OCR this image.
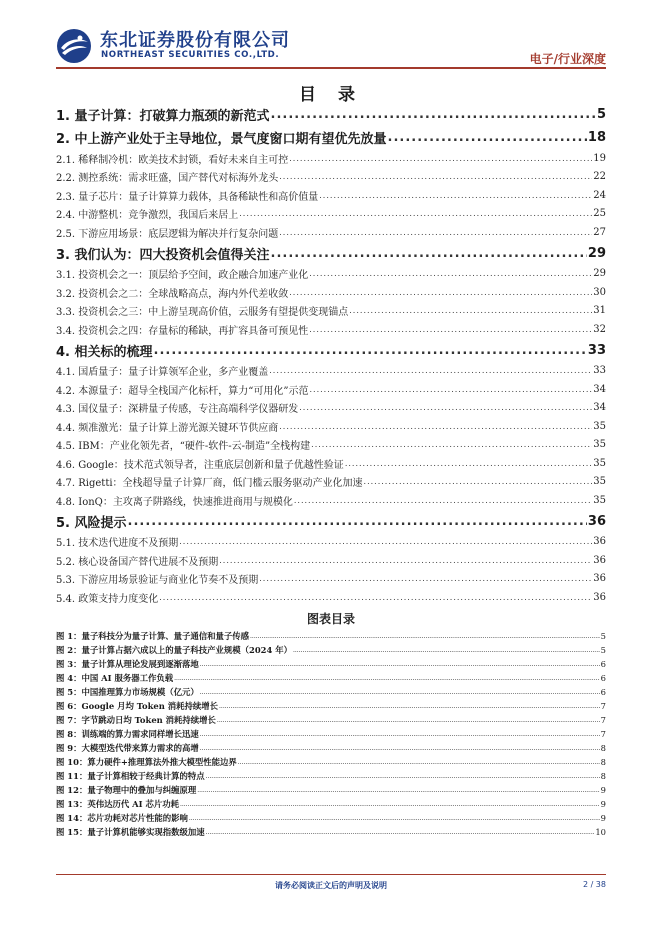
东北证券股份有限公司
NORTHEAST SECURITIES CO.,LTD.	电子/行业深度
目 录
1. 量子计算：打破算力瓶颈的新范式 .....	5
2. 中上游产业处于主导地位，景气度窗口期有望优先放量 .....	18
2.1. 稀释制冷机：欧美技术封锁，看好未来自主可控 .....	19
2.2. 测控系统：需求旺盛，国产替代对标海外龙头 .....	22
2.3. 量子芯片：量子计算算力载体，具备稀缺性和高价值量 .....	24
2.4. 中游整机：竞争激烈，我国后来居上 .....	25
2.5. 下游应用场景：底层逻辑为解决并行复杂问题 .....	27
3. 我们认为：四大投资机会值得关注 .....	29
3.1. 投资机会之一：顶层给予空间，政企融合加速产业化 .....	29
3.2. 投资机会之二：全球战略高点，海内外代差收敛 .....	30
3.3. 投资机会之三：中上游呈现高价值，云服务有望提供变现锚点 .....	31
3.4. 投资机会之四：存量标的稀缺，再扩容具备可预见性 .....	32
4. 相关标的梳理 .....	33
4.1. 国盾量子：量子计算领军企业，多产业覆盖 .....	33
4.2. 本源量子：超导全栈国产化标杆，算力“可用化”示范 .....	34
4.3. 国仪量子：深耕量子传感，专注高端科学仪器研发 .....	34
4.4. 频准激光：量子计算上游光源关键环节供应商 .....	35
4.5. IBM：产业化领先者，“硬件-软件-云-制造”全栈构建 .....	35
4.6. Google：技术范式领导者，注重底层创新和量子优越性验证 .....	35
4.7. Rigetti：全栈超导量子计算厂商，低门槛云服务驱动产业化加速 .....	35
4.8. IonQ：主攻离子阱路线，快速推进商用与规模化 .....	35
5. 风险提示 .....	36
5.1. 技术迭代进度不及预期 .....	36
5.2. 核心设备国产替代进展不及预期 .....	36
5.3. 下游应用场景验证与商业化节奏不及预期 .....	36
5.4. 政策支持力度变化 .....	36
图表目录
图 1：量子科技分为量子计算、量子通信和量子传感 .....	5
图 2：量子计算占据六成以上的量子科技产业规模（2024 年） .....	5
图 3：量子计算从理论发展到逐渐落地 .....	6
图 4：中国 AI 服务器工作负载 .....	6
图 5：中国推理算力市场规模（亿元） .....	6
图 6：Google 月均 Token 消耗持续增长 .....	7
图 7：字节跳动日均 Token 消耗持续增长 .....	7
图 8：训练端的算力需求同样增长迅速 .....	7
图 9：大模型迭代带来算力需求的高增 .....	8
图 10：算力硬件+推理算法外推大模型性能边界 .....	8
图 11：量子计算相较于经典计算的特点 .....	8
图 12：量子物理中的叠加与纠缠原理 .....	9
图 13：英伟达历代 AI 芯片功耗 .....	9
图 14：芯片功耗对芯片性能的影响 .....	9
图 15：量子计算机能够实现指数级加速 .....	10
请务必阅读正文后的声明及说明	2 / 38
